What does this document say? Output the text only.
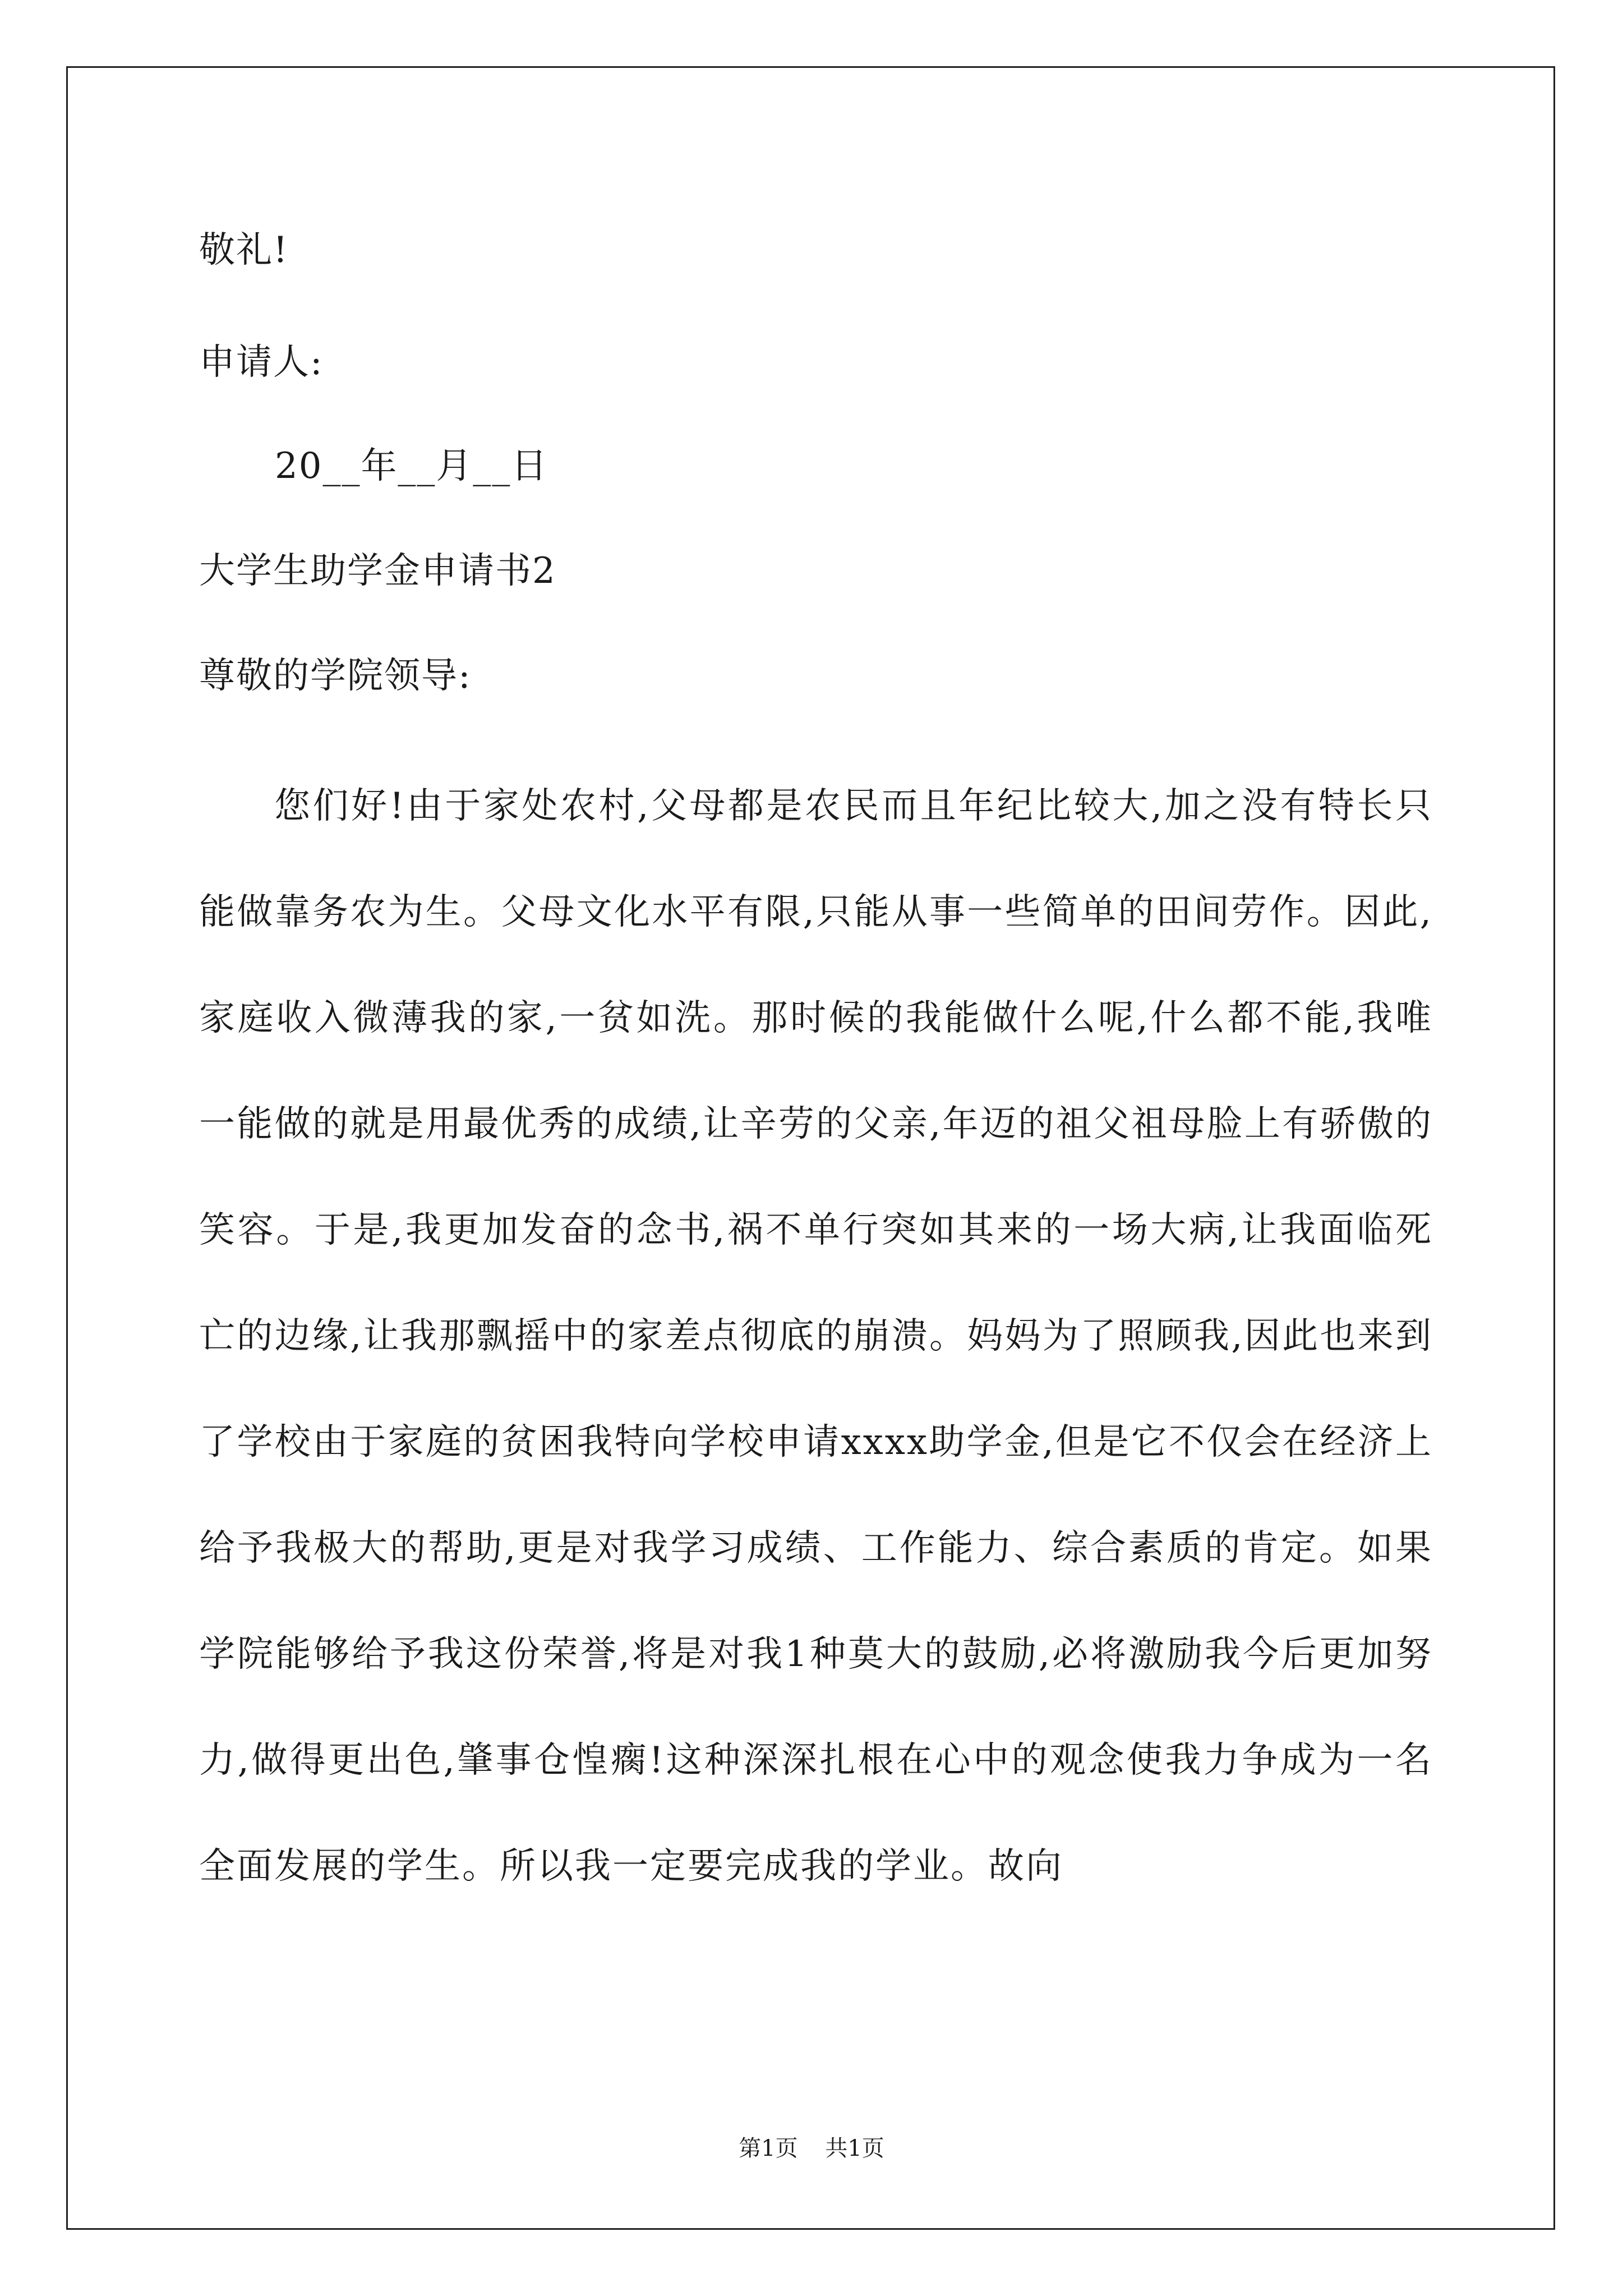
敬礼!
申请人:
20__年__月__日
大学生助学金申请书2
尊敬的学院领导:
您们好!由于家处农村,父母都是农民而且年纪比较大,加之没有特长只能做靠务农为生。父母文化水平有限,只能从事一些简单的田间劳作。因此,家庭收入微薄我的家,一贫如洗。那时候的我能做什么呢,什么都不能,我唯一能做的就是用最优秀的成绩,让辛劳的父亲,年迈的祖父祖母脸上有骄傲的笑容。于是,我更加发奋的念书,祸不单行突如其来的一场大病,让我面临死亡的边缘,让我那飘摇中的家差点彻底的崩溃。妈妈为了照顾我,因此也来到了学校由于家庭的贫困我特向学校申请xxxx助学金,但是它不仅会在经济上给予我极大的帮助,更是对我学习成绩、工作能力、综合素质的肯定。如果学院能够给予我这份荣誉,将是对我1种莫大的鼓励,必将激励我今后更加努力,做得更出色,肇事仓惶瘸!这种深深扎根在心中的观念使我力争成为一名全面发展的学生。所以我一定要完成我的学业。故向
第1页 共1页
